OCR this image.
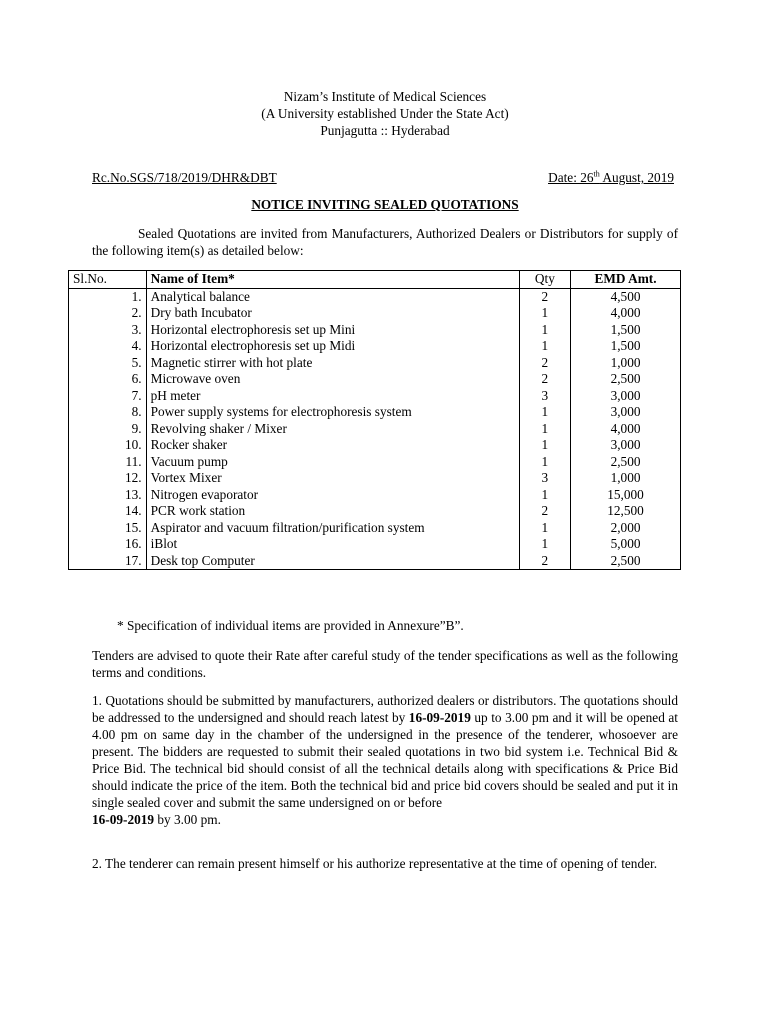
Nizam’s Institute of Medical Sciences
(A University established Under the State Act)
Punjagutta :: Hyderabad
Rc.No.SGS/718/2019/DHR&DBT	Date: 26th August, 2019
NOTICE INVITING SEALED QUOTATIONS
Sealed Quotations are invited from Manufacturers, Authorized Dealers or Distributors for supply of the following item(s) as detailed below:
Sl.No.	Name of Item*	Qty	EMD Amt.
1.	Analytical balance	2	4,500
2.	Dry bath Incubator	1	4,000
3.	Horizontal electrophoresis set up Mini	1	1,500
4.	Horizontal electrophoresis set up Midi	1	1,500
5.	Magnetic stirrer with hot plate	2	1,000
6.	Microwave oven	2	2,500
7.	pH meter	3	3,000
8.	Power supply systems for electrophoresis system	1	3,000
9.	Revolving shaker / Mixer	1	4,000
10.	Rocker shaker	1	3,000
11.	Vacuum pump	1	2,500
12.	Vortex Mixer	3	1,000
13.	Nitrogen evaporator	1	15,000
14.	PCR work station	2	12,500
15.	Aspirator and vacuum filtration/purification system	1	2,000
16.	iBlot	1	5,000
17.	Desk top Computer	2	2,500
* Specification of individual items are provided in Annexure”B”.
Tenders are advised to quote their Rate after careful study of the tender specifications as well as the following terms and conditions.
1. Quotations should be submitted by manufacturers, authorized dealers or distributors. The quotations should be addressed to the undersigned and should reach latest by 16-09-2019 up to 3.00 pm and it will be opened at 4.00 pm on same day in the chamber of the undersigned in the presence of the tenderer, whosoever are present. The bidders are requested to submit their sealed quotations in two bid system i.e. Technical Bid & Price Bid. The technical bid should consist of all the technical details along with specifications & Price Bid should indicate the price of the item. Both the technical bid and price bid covers should be sealed and put it in single sealed cover and submit the same undersigned on or before
16-09-2019 by 3.00 pm.
2. The tenderer can remain present himself or his authorize representative at the time of opening of tender.
